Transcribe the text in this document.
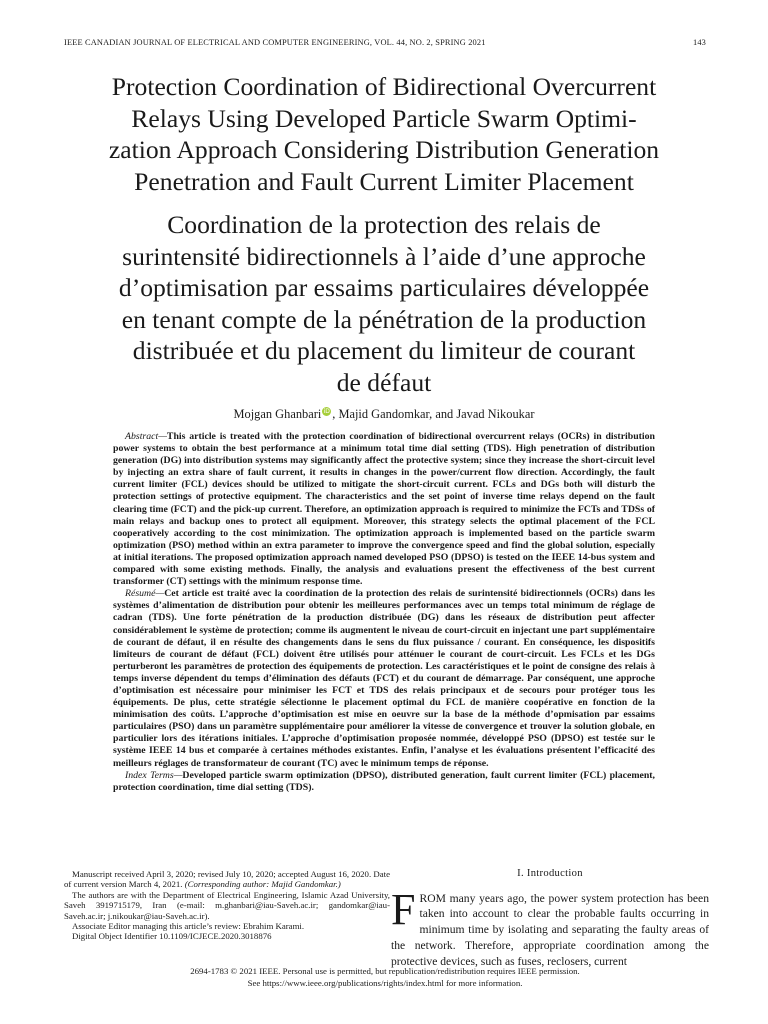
IEEE CANADIAN JOURNAL OF ELECTRICAL AND COMPUTER ENGINEERING, VOL. 44, NO. 2, SPRING 2021	143
Protection Coordination of Bidirectional Overcurrent
Relays Using Developed Particle Swarm Optimi-
zation Approach Considering Distribution Generation
Penetration and Fault Current Limiter Placement
Coordination de la protection des relais de
surintensité bidirectionnels à l’aide d’une approche
d’optimisation par essaims particulaires développée
en tenant compte de la pénétration de la production
distribuée et du placement du limiteur de courant
de défaut
Mojgan Ghanbari iD , Majid Gandomkar, and Javad Nikoukar

Abstract—This article is treated with the protection coordination of bidirectional overcurrent relays (OCRs) in distribution power systems to obtain the best performance at a minimum total time dial setting (TDS). High penetration of distribution generation (DG) into distribution systems may significantly affect the protective system; since they increase the short-circuit level by injecting an extra share of fault current, it results in changes in the power/current flow direction. Accordingly, the fault current limiter (FCL) devices should be utilized to mitigate the short-circuit current. FCLs and DGs both will disturb the protection settings of protective equipment. The characteristics and the set point of inverse time relays depend on the fault clearing time (FCT) and the pick-up current. Therefore, an optimization approach is required to minimize the FCTs and TDSs of main relays and backup ones to protect all equipment. Moreover, this strategy selects the optimal placement of the FCL cooperatively according to the cost minimization. The optimization approach is implemented based on the particle swarm optimization (PSO) method within an extra parameter to improve the convergence speed and find the global solution, especially at initial iterations. The proposed optimization approach named developed PSO (DPSO) is tested on the IEEE 14-bus system and compared with some existing methods. Finally, the analysis and evaluations present the effectiveness of the best current transformer (CT) settings with the minimum response time.

Résumé—Cet article est traité avec la coordination de la protection des relais de surintensité bidirectionnels (OCRs) dans les systèmes d’alimentation de distribution pour obtenir les meilleures performances avec un temps total minimum de réglage de cadran (TDS). Une forte pénétration de la production distribuée (DG) dans les réseaux de distribution peut affecter considérablement le système de protection; comme ils augmentent le niveau de court-circuit en injectant une part supplémentaire de courant de défaut, il en résulte des changements dans le sens du flux puissance / courant. En conséquence, les dispositifs limiteurs de courant de défaut (FCL) doivent être utilisés pour atténuer le courant de court-circuit. Les FCLs et les DGs perturberont les paramètres de protection des équipements de protection. Les caractéristiques et le point de consigne des relais à temps inverse dépendent du temps d’élimination des défauts (FCT) et du courant de démarrage. Par conséquent, une approche d’optimisation est nécessaire pour minimiser les FCT et TDS des relais principaux et de secours pour protéger tous les équipements. De plus, cette stratégie sélectionne le placement optimal du FCL de manière coopérative en fonction de la minimisation des coûts. L’approche d’optimisation est mise en oeuvre sur la base de la méthode d’opmisation par essaims particulaires (PSO) dans un paramètre supplémentaire pour améliorer la vitesse de convergence et trouver la solution globale, en particulier lors des itérations initiales. L’approche d’optimisation proposée nommée, développé PSO (DPSO) est testée sur le système IEEE 14 bus et comparée à certaines méthodes existantes. Enfin, l’analyse et les évaluations présentent l’efficacité des meilleurs réglages de transformateur de courant (TC) avec le minimum temps de réponse.

Index Terms—Developed particle swarm optimization (DPSO), distributed generation, fault current limiter (FCL) placement, protection coordination, time dial setting (TDS).

Manuscript received April 3, 2020; revised July 10, 2020; accepted August 16, 2020. Date of current version March 4, 2021. (Corresponding author: Majid Gandomkar.)

The authors are with the Department of Electrical Engineering, Islamic Azad University, Saveh 3919715179, Iran (e-mail: m.ghanbari@iau-Saveh.ac.ir; gandomkar@iau-Saveh.ac.ir; j.nikoukar@iau-Saveh.ac.ir).

Associate Editor managing this article’s review: Ebrahim Karami.

Digital Object Identifier 10.1109/ICJECE.2020.3018876

I. Introduction
FROM many years ago, the power system protection has been taken into account to clear the probable faults occurring in minimum time by isolating and separating the faulty areas of the network. Therefore, appropriate coordination among the protective devices, such as fuses, reclosers, current
2694-1783 © 2021 IEEE. Personal use is permitted, but republication/redistribution requires IEEE permission.
See https://www.ieee.org/publications/rights/index.html for more information.
